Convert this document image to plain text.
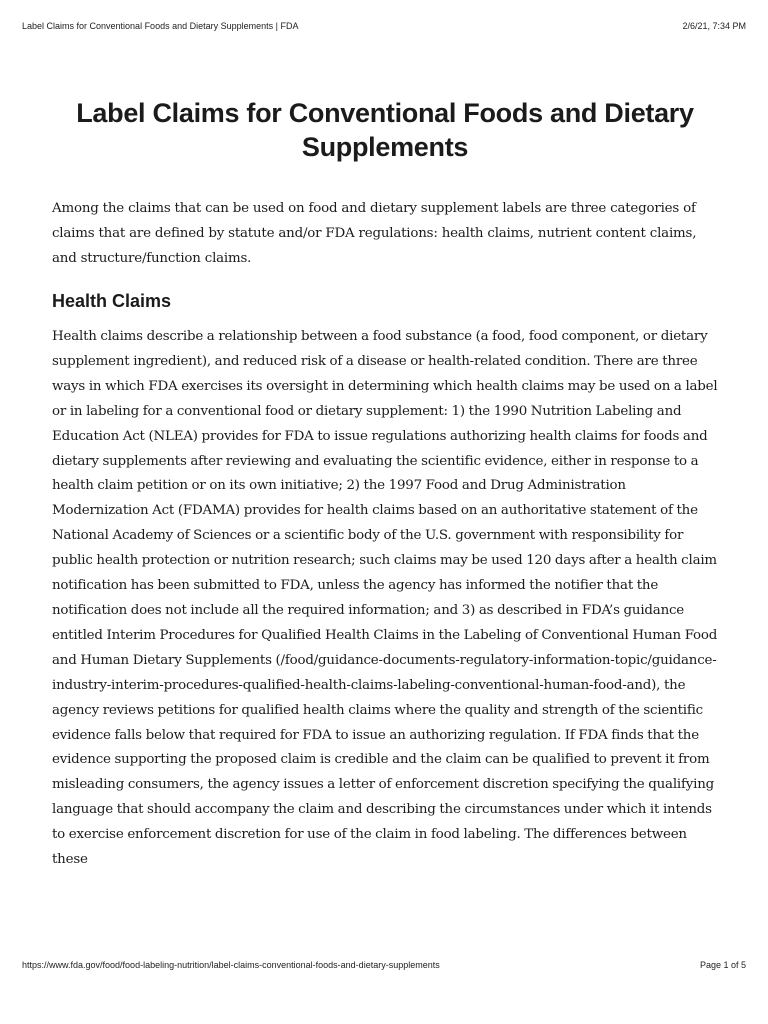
Label Claims for Conventional Foods and Dietary Supplements | FDA	2/6/21, 7:34 PM
Label Claims for Conventional Foods and Dietary Supplements

Among the claims that can be used on food and dietary supplement labels are three categories of claims that are defined by statute and/or FDA regulations: health claims, nutrient content claims, and structure/function claims.

Health Claims

Health claims describe a relationship between a food substance (a food, food component, or dietary supplement ingredient), and reduced risk of a disease or health-related condition. There are three ways in which FDA exercises its oversight in determining which health claims may be used on a label or in labeling for a conventional food or dietary supplement: 1) the 1990 Nutrition Labeling and Education Act (NLEA) provides for FDA to issue regulations authorizing health claims for foods and dietary supplements after reviewing and evaluating the scientific evidence, either in response to a health claim petition or on its own initiative; 2) the 1997 Food and Drug Administration Modernization Act (FDAMA) provides for health claims based on an authoritative statement of the National Academy of Sciences or a scientific body of the U.S. government with responsibility for public health protection or nutrition research; such claims may be used 120 days after a health claim notification has been submitted to FDA, unless the agency has informed the notifier that the notification does not include all the required information; and 3) as described in FDA’s guidance entitled Interim Procedures for Qualified Health Claims in the Labeling of Conventional Human Food and Human Dietary Supplements (/food/guidance-documents-regulatory-information-topic/guidance-industry-interim-procedures-qualified-health-claims-labeling-conventional-human-food-and), the agency reviews petitions for qualified health claims where the quality and strength of the scientific evidence falls below that required for FDA to issue an authorizing regulation. If FDA finds that the evidence supporting the proposed claim is credible and the claim can be qualified to prevent it from misleading consumers, the agency issues a letter of enforcement discretion specifying the qualifying language that should accompany the claim and describing the circumstances under which it intends to exercise enforcement discretion for use of the claim in food labeling. The differences between these

https://www.fda.gov/food/food-labeling-nutrition/label-claims-conventional-foods-and-dietary-supplements	Page 1 of 5
